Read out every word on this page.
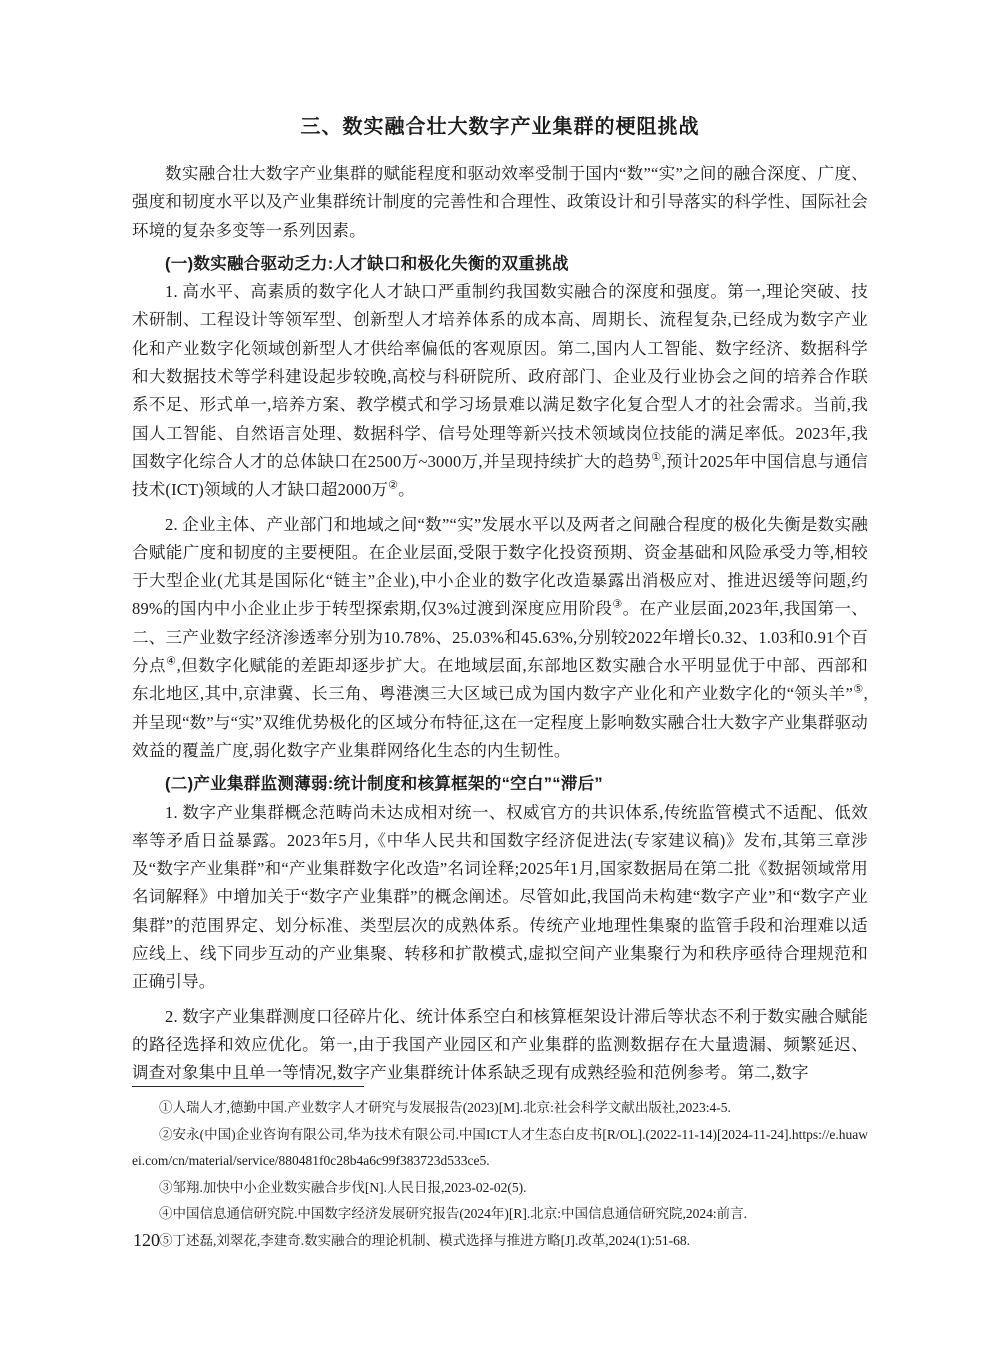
三、数实融合壮大数字产业集群的梗阻挑战

数实融合壮大数字产业集群的赋能程度和驱动效率受制于国内“数”“实”之间的融合深度、广度、强度和韧度水平以及产业集群统计制度的完善性和合理性、政策设计和引导落实的科学性、国际社会环境的复杂多变等一系列因素。

(一)数实融合驱动乏力:人才缺口和极化失衡的双重挑战

1. 高水平、高素质的数字化人才缺口严重制约我国数实融合的深度和强度。第一,理论突破、技术研制、工程设计等领军型、创新型人才培养体系的成本高、周期长、流程复杂,已经成为数字产业化和产业数字化领域创新型人才供给率偏低的客观原因。第二,国内人工智能、数字经济、数据科学和大数据技术等学科建设起步较晚,高校与科研院所、政府部门、企业及行业协会之间的培养合作联系不足、形式单一,培养方案、教学模式和学习场景难以满足数字化复合型人才的社会需求。当前,我国人工智能、自然语言处理、数据科学、信号处理等新兴技术领域岗位技能的满足率低。2023年,我国数字化综合人才的总体缺口在2500万~3000万,并呈现持续扩大的趋势①,预计2025年中国信息与通信技术(ICT)领域的人才缺口超2000万②。

2. 企业主体、产业部门和地域之间“数”“实”发展水平以及两者之间融合程度的极化失衡是数实融合赋能广度和韧度的主要梗阻。在企业层面,受限于数字化投资预期、资金基础和风险承受力等,相较于大型企业(尤其是国际化“链主”企业),中小企业的数字化改造暴露出消极应对、推进迟缓等问题,约89%的国内中小企业止步于转型探索期,仅3%过渡到深度应用阶段③。在产业层面,2023年,我国第一、二、三产业数字经济渗透率分别为10.78%、25.03%和45.63%,分别较2022年增长0.32、1.03和0.91个百分点④,但数字化赋能的差距却逐步扩大。在地域层面,东部地区数实融合水平明显优于中部、西部和东北地区,其中,京津冀、长三角、粤港澳三大区域已成为国内数字产业化和产业数字化的“领头羊”⑤,并呈现“数”与“实”双维优势极化的区域分布特征,这在一定程度上影响数实融合壮大数字产业集群驱动效益的覆盖广度,弱化数字产业集群网络化生态的内生韧性。

(二)产业集群监测薄弱:统计制度和核算框架的“空白”“滞后”

1. 数字产业集群概念范畴尚未达成相对统一、权威官方的共识体系,传统监管模式不适配、低效率等矛盾日益暴露。2023年5月,《中华人民共和国数字经济促进法(专家建议稿)》发布,其第三章涉及“数字产业集群”和“产业集群数字化改造”名词诠释;2025年1月,国家数据局在第二批《数据领域常用名词解释》中增加关于“数字产业集群”的概念阐述。尽管如此,我国尚未构建“数字产业”和“数字产业集群”的范围界定、划分标准、类型层次的成熟体系。传统产业地理性集聚的监管手段和治理难以适应线上、线下同步互动的产业集聚、转移和扩散模式,虚拟空间产业集聚行为和秩序亟待合理规范和正确引导。

2. 数字产业集群测度口径碎片化、统计体系空白和核算框架设计滞后等状态不利于数实融合赋能的路径选择和效应优化。第一,由于我国产业园区和产业集群的监测数据存在大量遗漏、频繁延迟、调查对象集中且单一等情况,数字产业集群统计体系缺乏现有成熟经验和范例参考。第二,数字

①人瑞人才,德勤中国.产业数字人才研究与发展报告(2023)[M].北京:社会科学文献出版社,2023:4-5.

②安永(中国)企业咨询有限公司,华为技术有限公司.中国ICT人才生态白皮书[R/OL].(2022-11-14)[2024-11-24].https://e.huawei.com/cn/material/service/880481f0c28b4a6c99f383723d533ce5.

③邹翔.加快中小企业数实融合步伐[N].人民日报,2023-02-02(5).

④中国信息通信研究院.中国数字经济发展研究报告(2024年)[R].北京:中国信息通信研究院,2024:前言.

⑤丁述磊,刘翠花,李建奇.数实融合的理论机制、模式选择与推进方略[J].改革,2024(1):51-68.

120
